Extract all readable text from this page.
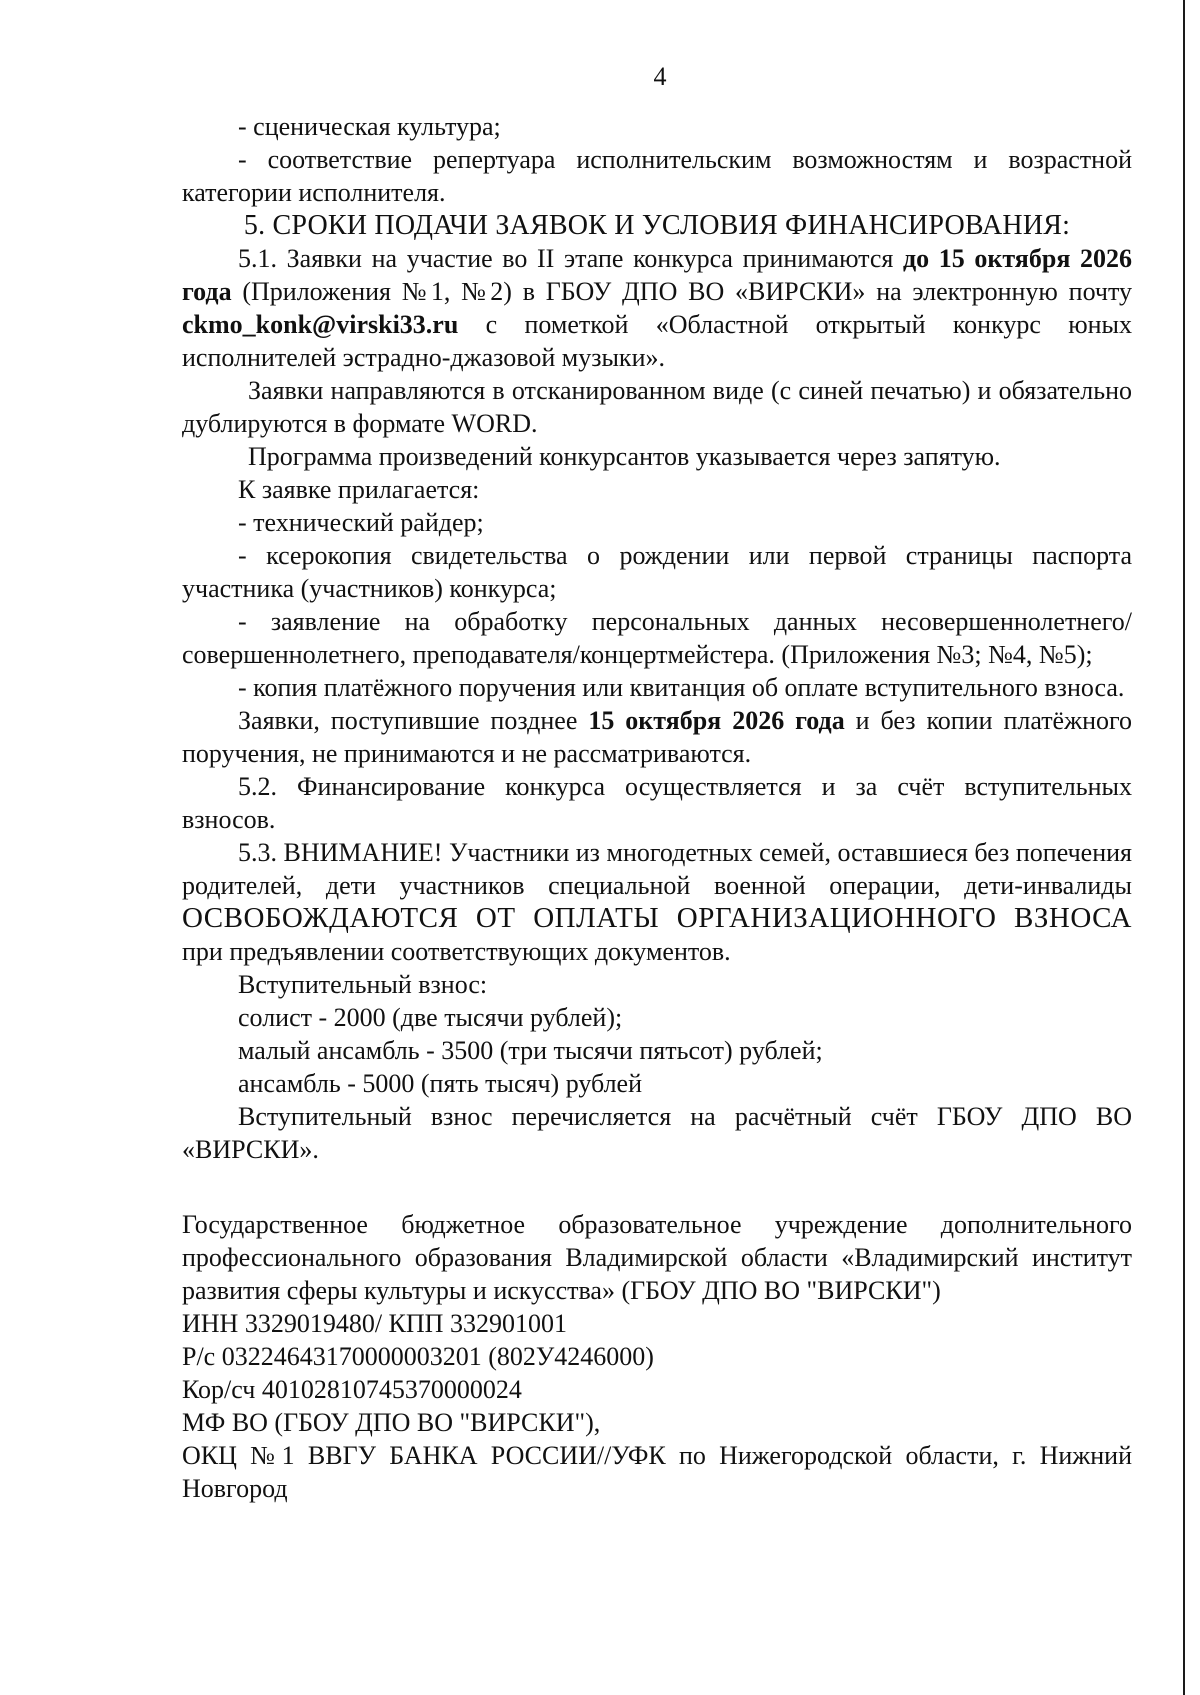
4

- сценическая культура;

- соответствие репертуара исполнительским возможностям и возрастной категории исполнителя.

5. СРОКИ ПОДАЧИ ЗАЯВОК И УСЛОВИЯ ФИНАНСИРОВАНИЯ:

5.1. Заявки на участие во II этапе конкурса принимаются до 15 октября 2026 года (Приложения №1, №2) в ГБОУ ДПО ВО «ВИРСКИ» на электронную почту ckmo_konk@virski33.ru с пометкой «Областной открытый конкурс юных исполнителей эстрадно-джазовой музыки».

Заявки направляются в отсканированном виде (с синей печатью) и обязательно дублируются в формате WORD.

Программа произведений конкурсантов указывается через запятую.

К заявке прилагается:

- технический райдер;

- ксерокопия свидетельства о рождении или первой страницы паспорта участника (участников) конкурса;

- заявление на обработку персональных данных несовершеннолетнего/совершеннолетнего, преподавателя/концертмейстера. (Приложения №3; №4, №5);

- копия платёжного поручения или квитанция об оплате вступительного взноса.

Заявки, поступившие позднее 15 октября 2026 года и без копии платёжного поручения, не принимаются и не рассматриваются.

5.2. Финансирование конкурса осуществляется и за счёт вступительных взносов.

5.3. ВНИМАНИЕ! Участники из многодетных семей, оставшиеся без попечения родителей, дети участников специальной военной операции, дети-инвалиды ОСВОБОЖДАЮТСЯ ОТ ОПЛАТЫ ОРГАНИЗАЦИОННОГО ВЗНОСА при предъявлении соответствующих документов.

Вступительный взнос:

солист - 2000 (две тысячи рублей);

малый ансамбль - 3500 (три тысячи пятьсот) рублей;

ансамбль - 5000 (пять тысяч) рублей

Вступительный взнос перечисляется на расчётный счёт ГБОУ ДПО ВО «ВИРСКИ».

Государственное бюджетное образовательное учреждение дополнительного профессионального образования Владимирской области «Владимирский институт развития сферы культуры и искусства» (ГБОУ ДПО ВО "ВИРСКИ")

ИНН 3329019480/ КПП 332901001

Р/с 03224643170000003201 (802У4246000)

Кор/сч 40102810745370000024

МФ ВО (ГБОУ ДПО ВО "ВИРСКИ"),

ОКЦ №1 ВВГУ БАНКА РОССИИ//УФК по Нижегородской области, г. Нижний Новгород
